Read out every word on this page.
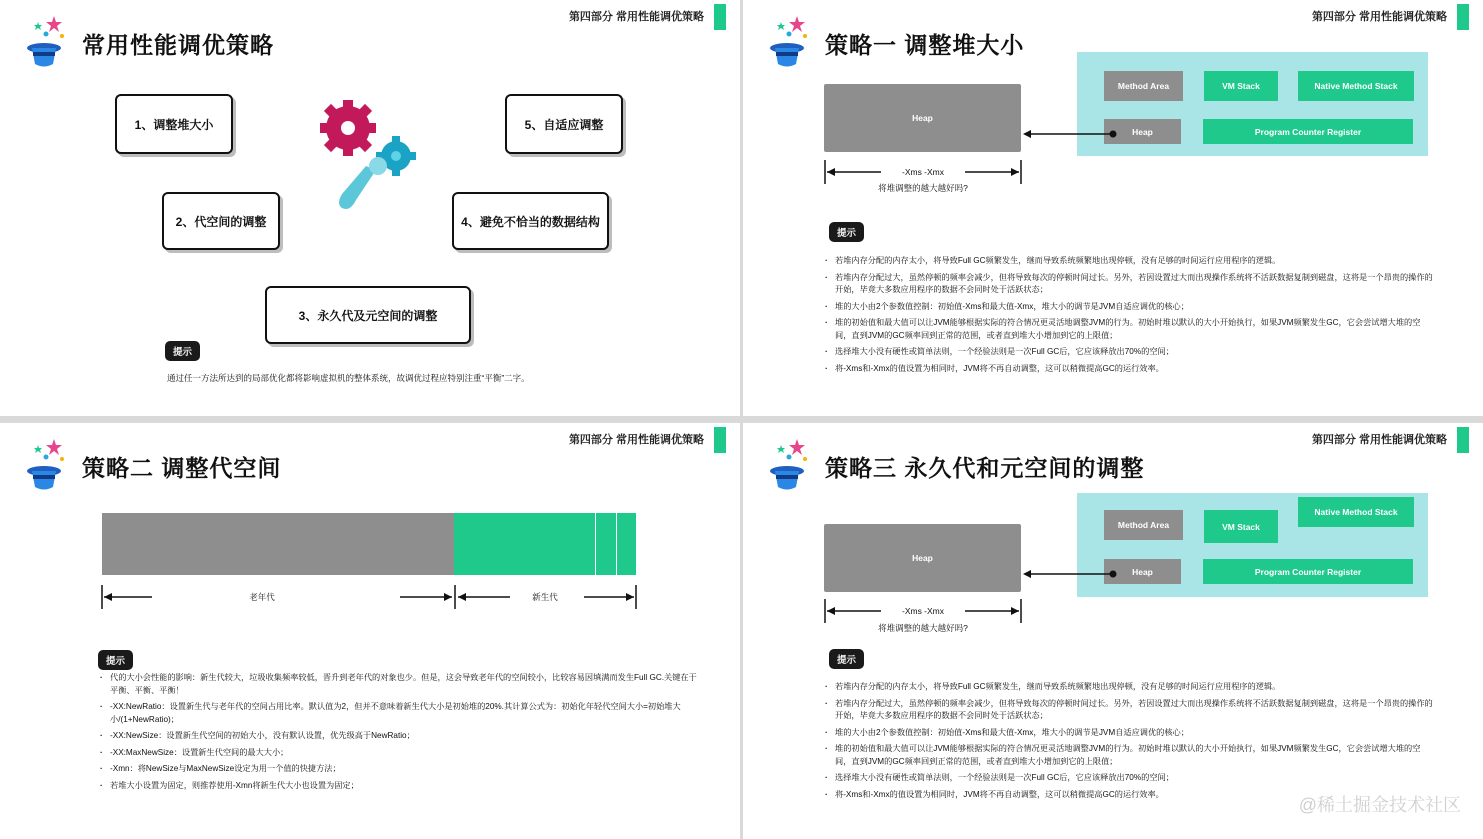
第四部分 常用性能调优策略
常用性能调优策略
1、调整堆大小	5、自适应调整
2、代空间的调整	4、避免不恰当的数据结构
3、永久代及元空间的调整
提示
通过任一方法所达到的局部优化都将影响虚拟机的整体系统，故调优过程应特别注重“平衡”二字。
第四部分 常用性能调优策略
策略一 调整堆大小
Heap
Method Area	VM Stack	Native Method Stack
Heap	Program Counter Register
-Xms -Xmx
将堆调整的越大越好吗?
提示
· 若堆内存分配的内存太小，将导致Full GC频繁发生，继而导致系统频繁地出现停顿，没有足够的时间运行应用程序的逻辑。
· 若堆内存分配过大，虽然停顿的频率会减少，但将导致每次的停顿时间过长。另外，若因设置过大而出现操作系统将不活跃数据复制到磁盘，这将是一个昂贵的操作的开始，毕竟大多数应用程序的数据不会同时处于活跃状态；
· 堆的大小由2个参数值控制：初始值-Xms和最大值-Xmx，堆大小的调节是JVM自适应调优的核心；
· 堆的初始值和最大值可以让JVM能够根据实际的符合情况更灵活地调整JVM的行为。初始时堆以默认的大小开始执行，如果JVM频繁发生GC，它会尝试增大堆的空间，直到JVM的GC频率回到正常的范围，或者直到堆大小增加到它的上限值；
· 选择堆大小没有硬性或简单法则，一个经验法则是一次Full GC后，它应该释放出70%的空间；
· 将-Xms和-Xmx的值设置为相同时，JVM将不再自动调整，这可以稍微提高GC的运行效率。
第四部分 常用性能调优策略
策略二 调整代空间
老年代	新生代
提示
· 代的大小会性能的影响：新生代较大，垃圾收集频率较低，晋升到老年代的对象也少。但是，这会导致老年代的空间较小，比较容易因填满而发生Full GC.关键在于平衡、平衡、平衡！
· -XX:NewRatio：设置新生代与老年代的空间占用比率。默认值为2，但并不意味着新生代大小是初始堆的20%.其计算公式为：初始化年轻代空间大小=初始堆大小/(1+NewRatio)；
· -XX:NewSize：设置新生代空间的初始大小，没有默认设置，优先级高于NewRatio；
· -XX:MaxNewSize：设置新生代空间的最大大小；
· -Xmn：将NewSize与MaxNewSize设定为用一个值的快捷方法；
· 若堆大小设置为固定，则推荐使用-Xmn将新生代大小也设置为固定；
第四部分 常用性能调优策略
策略三 永久代和元空间的调整
Heap
Method Area	VM Stack
Native Method Stack
Heap	Program Counter Register
-Xms -Xmx
将堆调整的越大越好吗?
提示
· 若堆内存分配的内存太小，将导致Full GC频繁发生，继而导致系统频繁地出现停顿，没有足够的时间运行应用程序的逻辑。
· 若堆内存分配过大，虽然停顿的频率会减少，但将导致每次的停顿时间过长。另外，若因设置过大而出现操作系统将不活跃数据复制到磁盘，这将是一个昂贵的操作的开始，毕竟大多数应用程序的数据不会同时处于活跃状态；
· 堆的大小由2个参数值控制：初始值-Xms和最大值-Xmx，堆大小的调节是JVM自适应调优的核心；
· 堆的初始值和最大值可以让JVM能够根据实际的符合情况更灵活地调整JVM的行为。初始时堆以默认的大小开始执行，如果JVM频繁发生GC，它会尝试增大堆的空间，直到JVM的GC频率回到正常的范围，或者直到堆大小增加到它的上限值；
· 选择堆大小没有硬性或简单法则，一个经验法则是一次Full GC后，它应该释放出70%的空间；
· 将-Xms和-Xmx的值设置为相同时，JVM将不再自动调整，这可以稍微提高GC的运行效率。
@稀土掘金技术社区
